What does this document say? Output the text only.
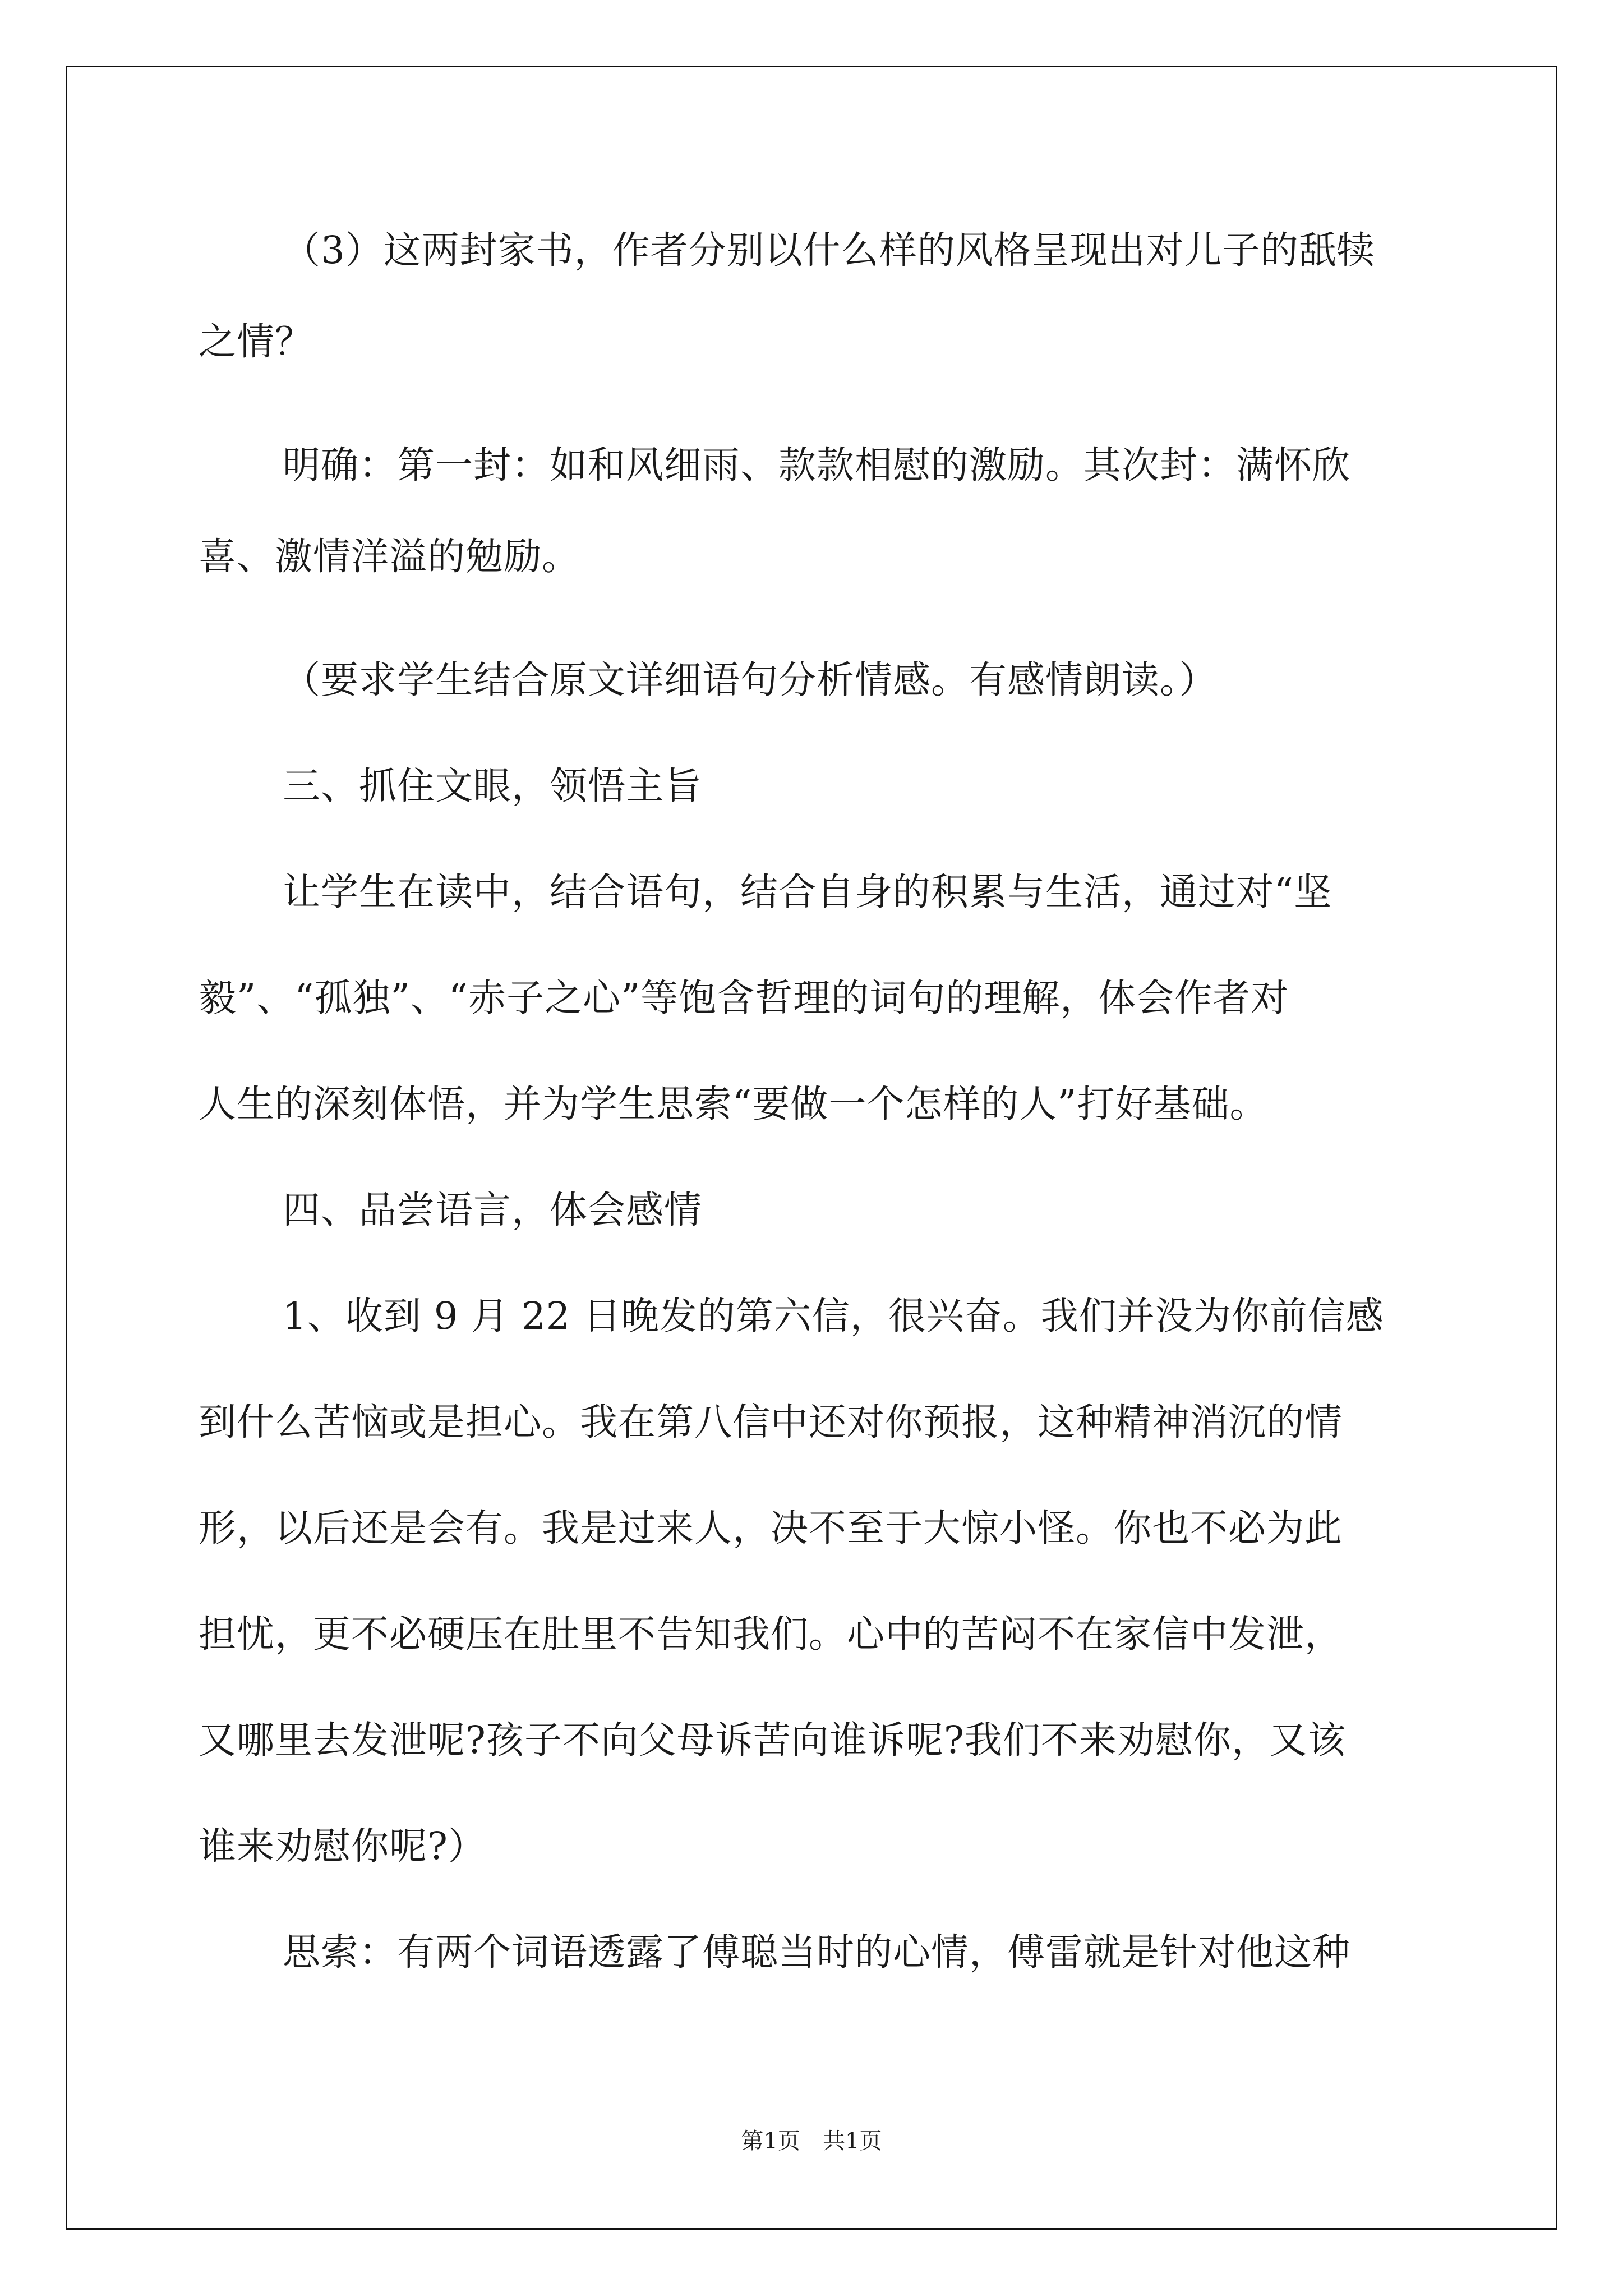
（3）这两封家书，作者分别以什么样的风格呈现出对儿子的舐犊
之情？
明确：第一封：如和风细雨、款款相慰的激励。其次封：满怀欣
喜、激情洋溢的勉励。
（要求学生结合原文详细语句分析情感。有感情朗读。）
三、抓住文眼，领悟主旨
让学生在读中，结合语句，结合自身的积累与生活，通过对“坚
毅”、“孤独”、“赤子之心”等饱含哲理的词句的理解，体会作者对
人生的深刻体悟，并为学生思索“要做一个怎样的人”打好基础。
四、品尝语言，体会感情
1、收到 9 月 22 日晚发的第六信，很兴奋。我们并没为你前信感
到什么苦恼或是担心。我在第八信中还对你预报，这种精神消沉的情
形，以后还是会有。我是过来人，决不至于大惊小怪。你也不必为此
担忧，更不必硬压在肚里不告知我们。心中的苦闷不在家信中发泄，
又哪里去发泄呢?孩子不向父母诉苦向谁诉呢?我们不来劝慰你，又该
谁来劝慰你呢?）
思索：有两个词语透露了傅聪当时的心情，傅雷就是针对他这种
第1页 共1页
